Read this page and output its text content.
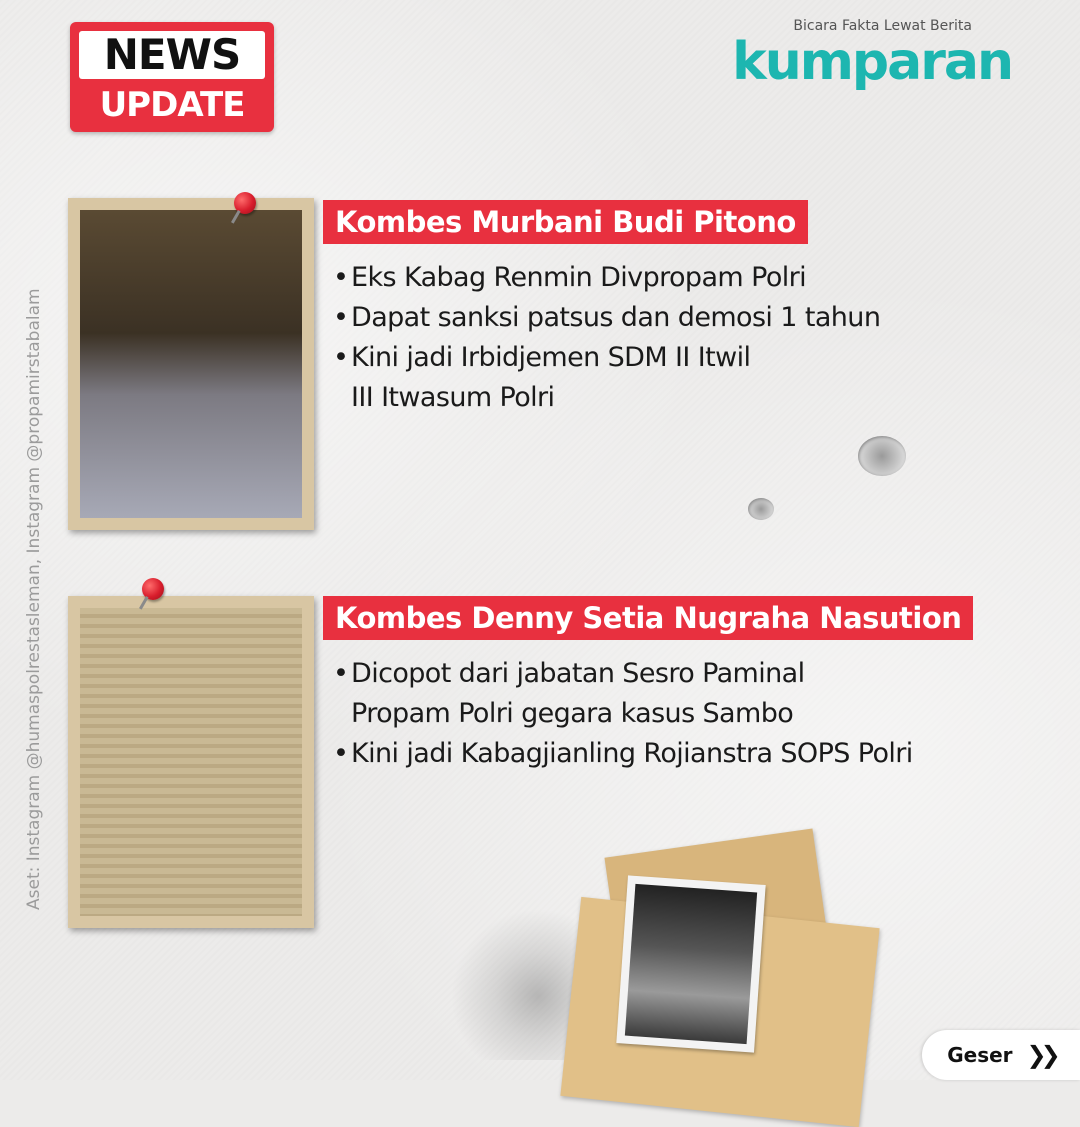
NEWS
UPDATE
Bicara Fakta Lewat Berita
kumparan
Aset: Instagram @humaspolrestasleman, Instagram @propamirstabalam
Kombes Murbani Budi Pitono
• Eks Kabag Renmin Divpropam Polri
• Dapat sanksi patsus dan demosi 1 tahun
• Kini jadi Irbidjemen SDM II Itwil
III Itwasum Polri
Kombes Denny Setia Nugraha Nasution
• Dicopot dari jabatan Sesro Paminal
Propam Polri gegara kasus Sambo
• Kini jadi Kabagjianling Rojianstra SOPS Polri
Geser ❯❯
